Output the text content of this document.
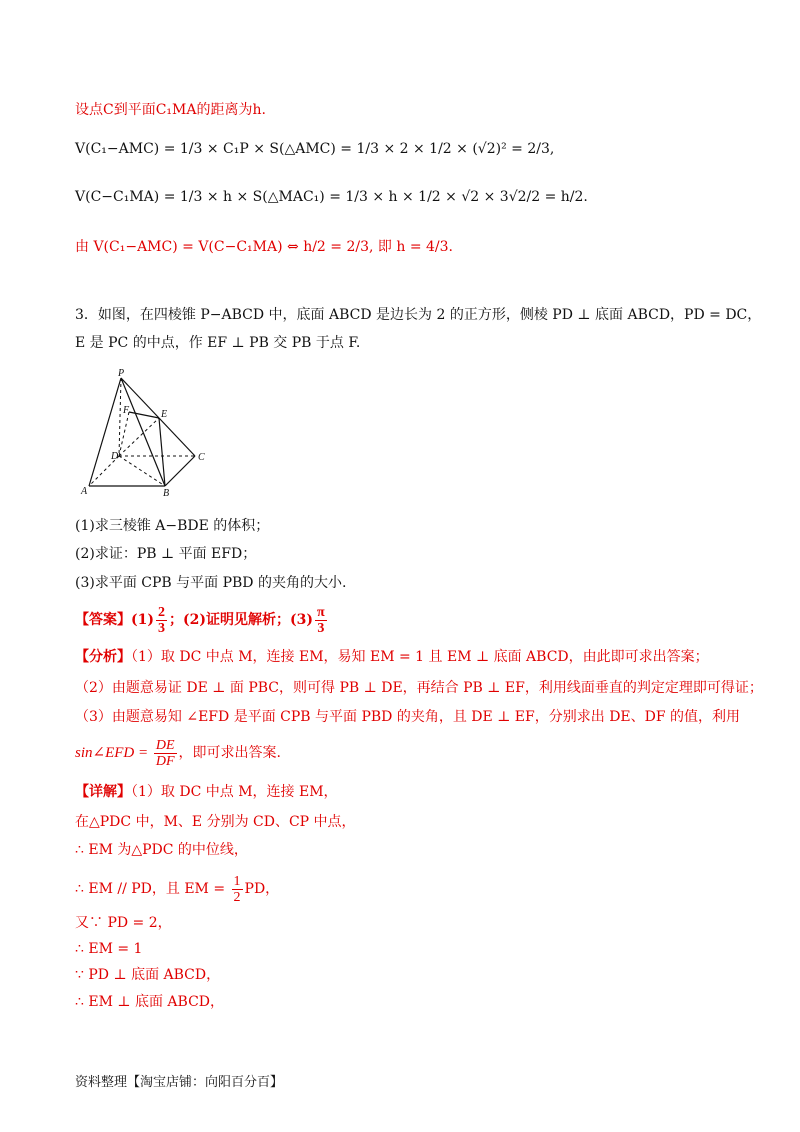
设点C到平面C₁MA的距离为h.
V(C₁−AMC) = 1/3 × C₁P × S(△AMC) = 1/3 × 2 × 1/2 × (√2)² = 2/3,
V(C−C₁MA) = 1/3 × h × S(△MAC₁) = 1/3 × h × 1/2 × √2 × 3√2/2 = h/2.
由 V(C₁−AMC) = V(C−C₁MA) ⇔ h/2 = 2/3, 即 h = 4/3.
3．如图，在四棱锥 P−ABCD 中，底面 ABCD 是边长为 2 的正方形，侧棱 PD ⊥ 底面 ABCD，PD = DC，
E 是 PC 的中点，作 EF ⊥ PB 交 PB 于点 F.
P
F	E
D	C
A	B
(1)求三棱锥 A−BDE 的体积；
(2)求证：PB ⊥ 平面 EFD；
(3)求平面 CPB 与平面 PBD 的夹角的大小.
【答案】$(1) \frac{2}{3}$ ；(2)证明见解析；$(3) \frac{\pi}{3}$
【分析】（1）取 DC 中点 M，连接 EM，易知 EM = 1 且 EM ⊥ 底面 ABCD，由此即可求出答案；
（2）由题意易证 DE ⊥ 面 PBC，则可得 PB ⊥ DE，再结合 PB ⊥ EF，利用线面垂直的判定定理即可得证；
（3）由题意易知 ∠EFD 是平面 CPB 与平面 PBD 的夹角，且 DE ⊥ EF，分别求出 DE、DF 的值，利用
sin∠EFD = $\frac{DE}{DF}$ ，即可求出答案.
【详解】（1）取 DC 中点 M，连接 EM，
在△PDC 中，M、E 分别为 CD、CP 中点，
∴ EM 为△PDC 的中位线，
∴ EM // PD，且 EM = $\frac{1}{2}$ PD，
又∵ PD = 2，
∴ EM = 1
∵ PD ⊥ 底面 ABCD，
∴ EM ⊥ 底面 ABCD，
资料整理【淘宝店铺：向阳百分百】
